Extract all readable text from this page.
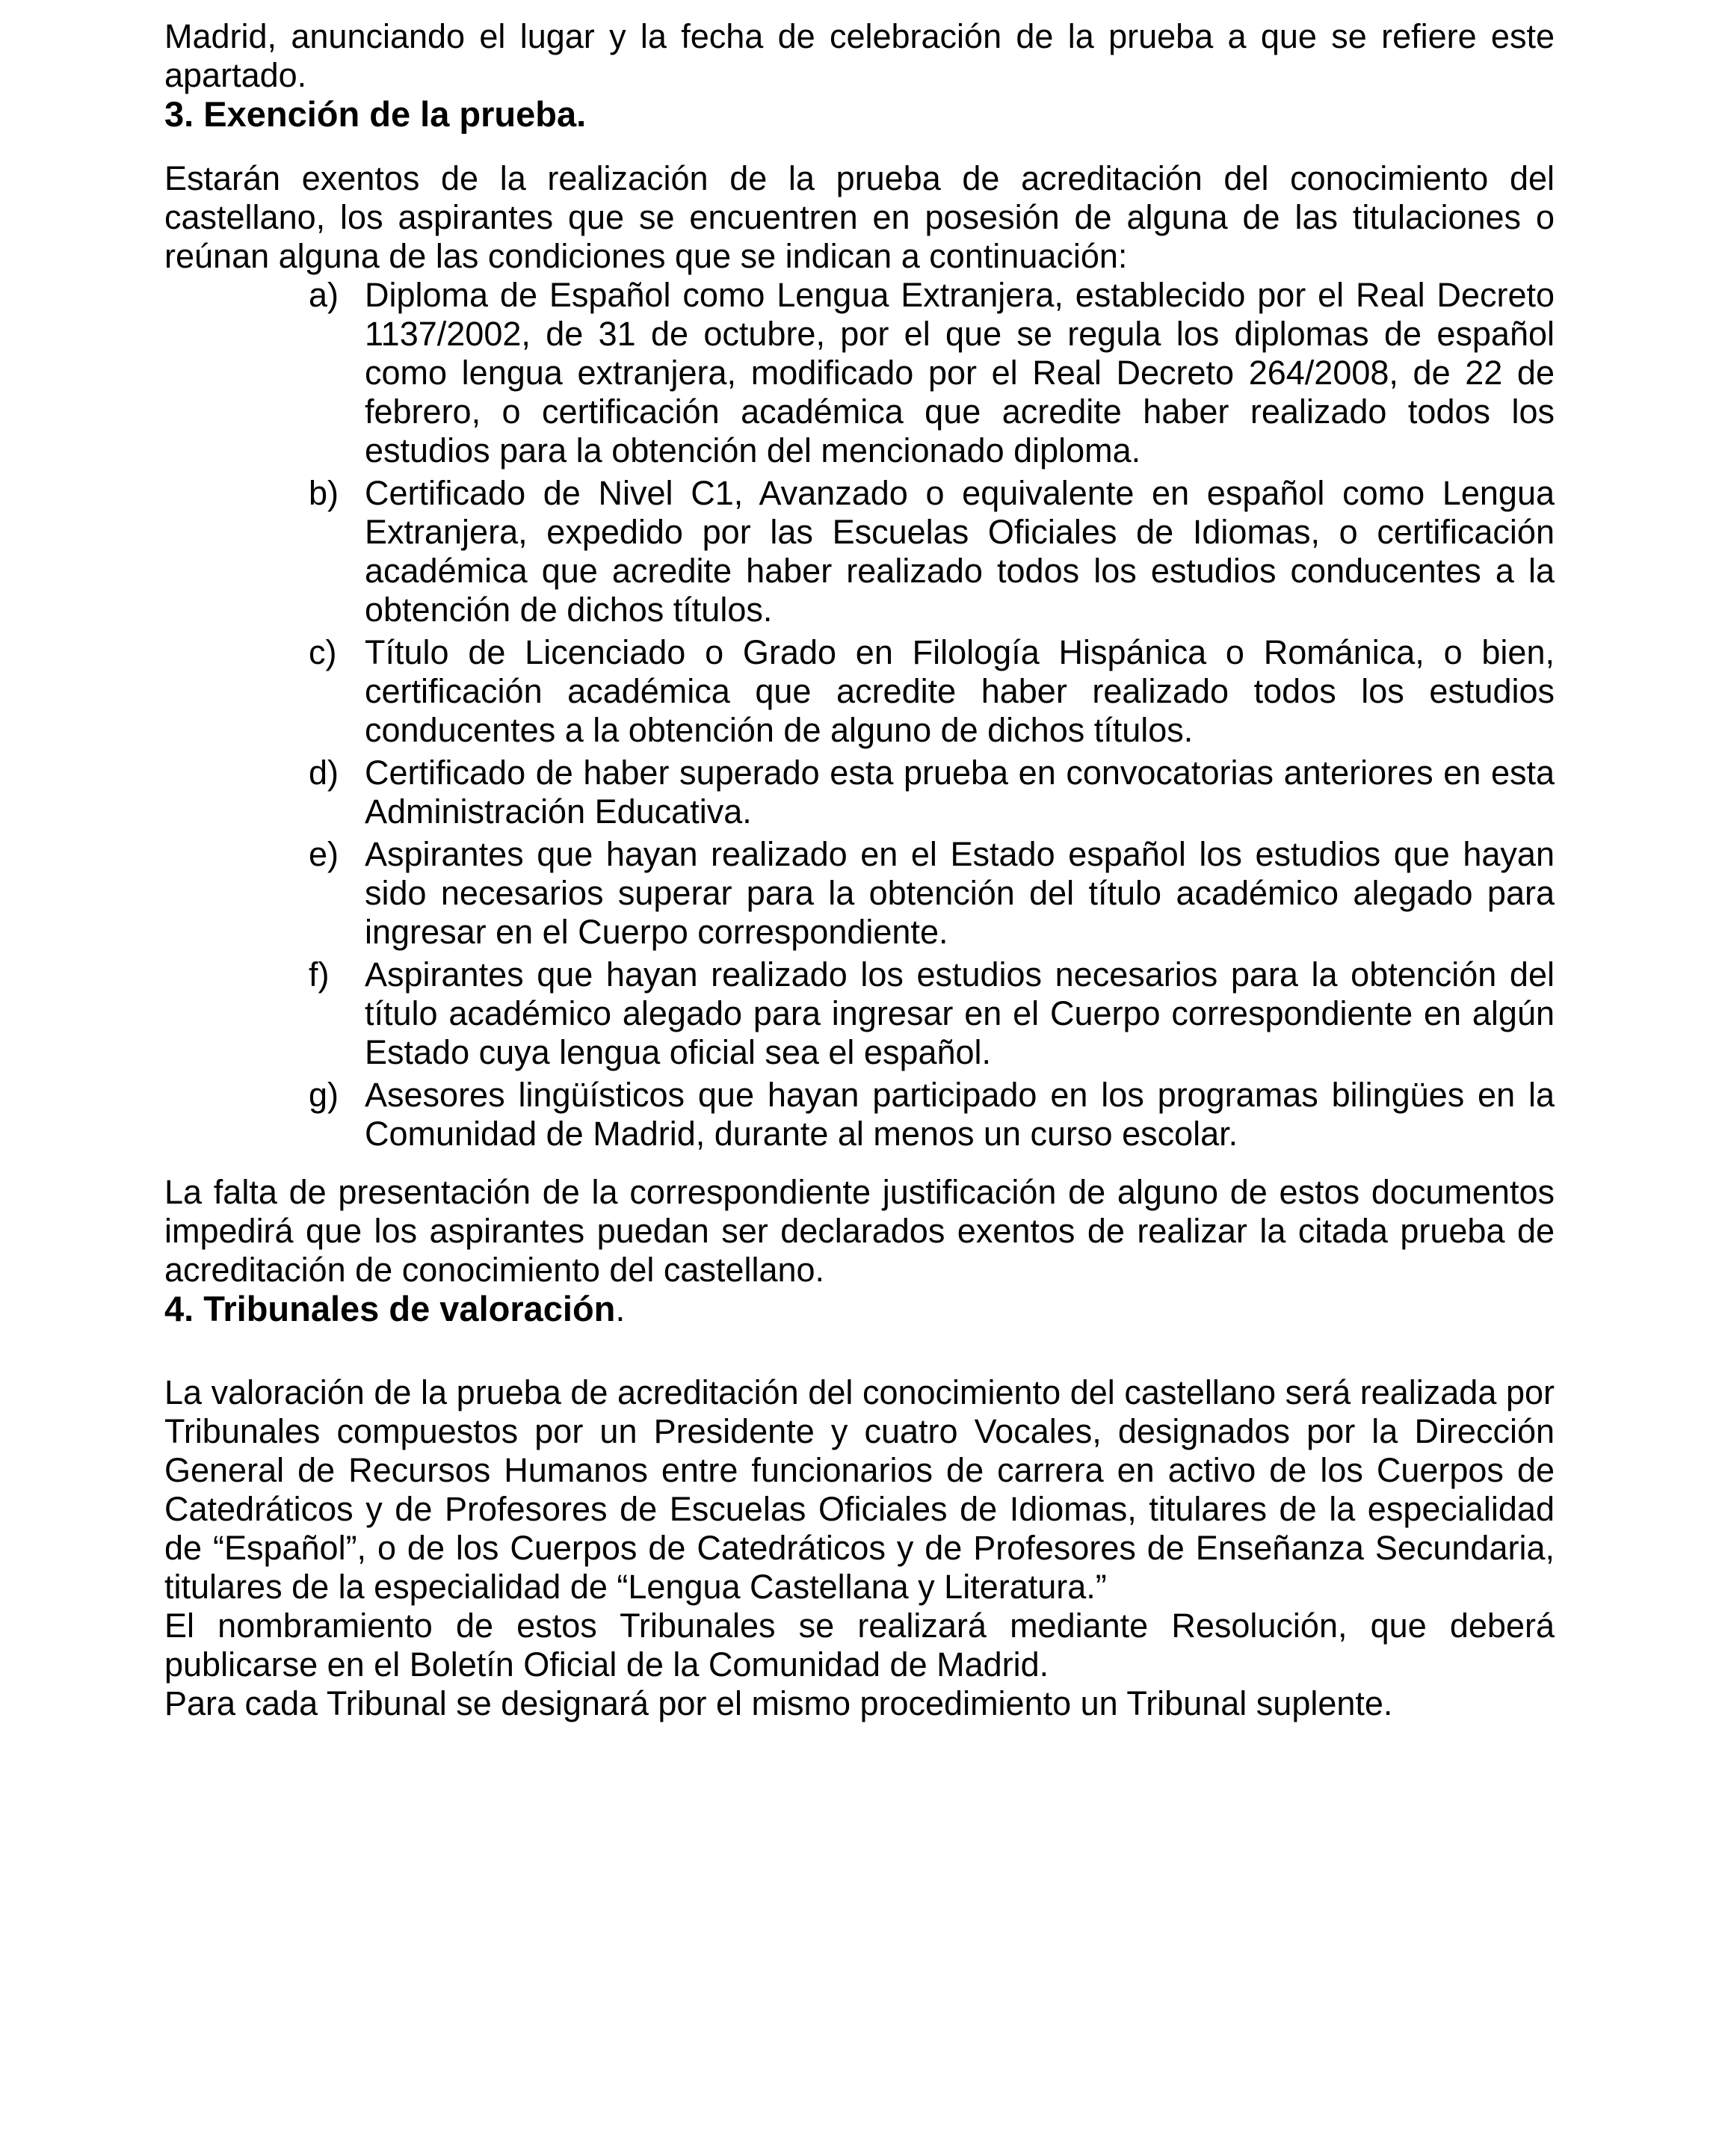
Madrid, anunciando el lugar y la fecha de celebración de la prueba a que se refiere este apartado.

3. Exención de la prueba.

Estarán exentos de la realización de la prueba de acreditación del conocimiento del castellano, los aspirantes que se encuentren en posesión de alguna de las titulaciones o reúnan alguna de las condiciones que se indican a continuación:

a) Diploma de Español como Lengua Extranjera, establecido por el Real Decreto 1137/2002, de 31 de octubre, por el que se regula los diplomas de español como lengua extranjera, modificado por el Real Decreto 264/2008, de 22 de febrero, o certificación académica que acredite haber realizado todos los estudios para la obtención del mencionado diploma.
b) Certificado de Nivel C1, Avanzado o equivalente en español como Lengua Extranjera, expedido por las Escuelas Oficiales de Idiomas, o certificación académica que acredite haber realizado todos los estudios conducentes a la obtención de dichos títulos.
c) Título de Licenciado o Grado en Filología Hispánica o Románica, o bien, certificación académica que acredite haber realizado todos los estudios conducentes a la obtención de alguno de dichos títulos.
d) Certificado de haber superado esta prueba en convocatorias anteriores en esta Administración Educativa.
e) Aspirantes que hayan realizado en el Estado español los estudios que hayan sido necesarios superar para la obtención del título académico alegado para ingresar en el Cuerpo correspondiente.
f)	Aspirantes que hayan realizado los estudios necesarios para la obtención del título académico alegado para ingresar en el Cuerpo correspondiente en algún Estado cuya lengua oficial sea el español.
g) Asesores lingüísticos que hayan participado en los programas bilingües en la Comunidad de Madrid, durante al menos un curso escolar.

La falta de presentación de la correspondiente justificación de alguno de estos documentos impedirá que los aspirantes puedan ser declarados exentos de realizar la citada prueba de acreditación de conocimiento del castellano.

4. Tribunales de valoración.

La valoración de la prueba de acreditación del conocimiento del castellano será realizada por Tribunales compuestos por un Presidente y cuatro Vocales, designados por la Dirección General de Recursos Humanos entre funcionarios de carrera en activo de los Cuerpos de Catedráticos y de Profesores de Escuelas Oficiales de Idiomas, titulares de la especialidad de “Español”, o de los Cuerpos de Catedráticos y de Profesores de Enseñanza Secundaria, titulares de la especialidad de “Lengua Castellana y Literatura.”

El nombramiento de estos Tribunales se realizará mediante Resolución, que deberá publicarse en el Boletín Oficial de la Comunidad de Madrid.

Para cada Tribunal se designará por el mismo procedimiento un Tribunal suplente.
